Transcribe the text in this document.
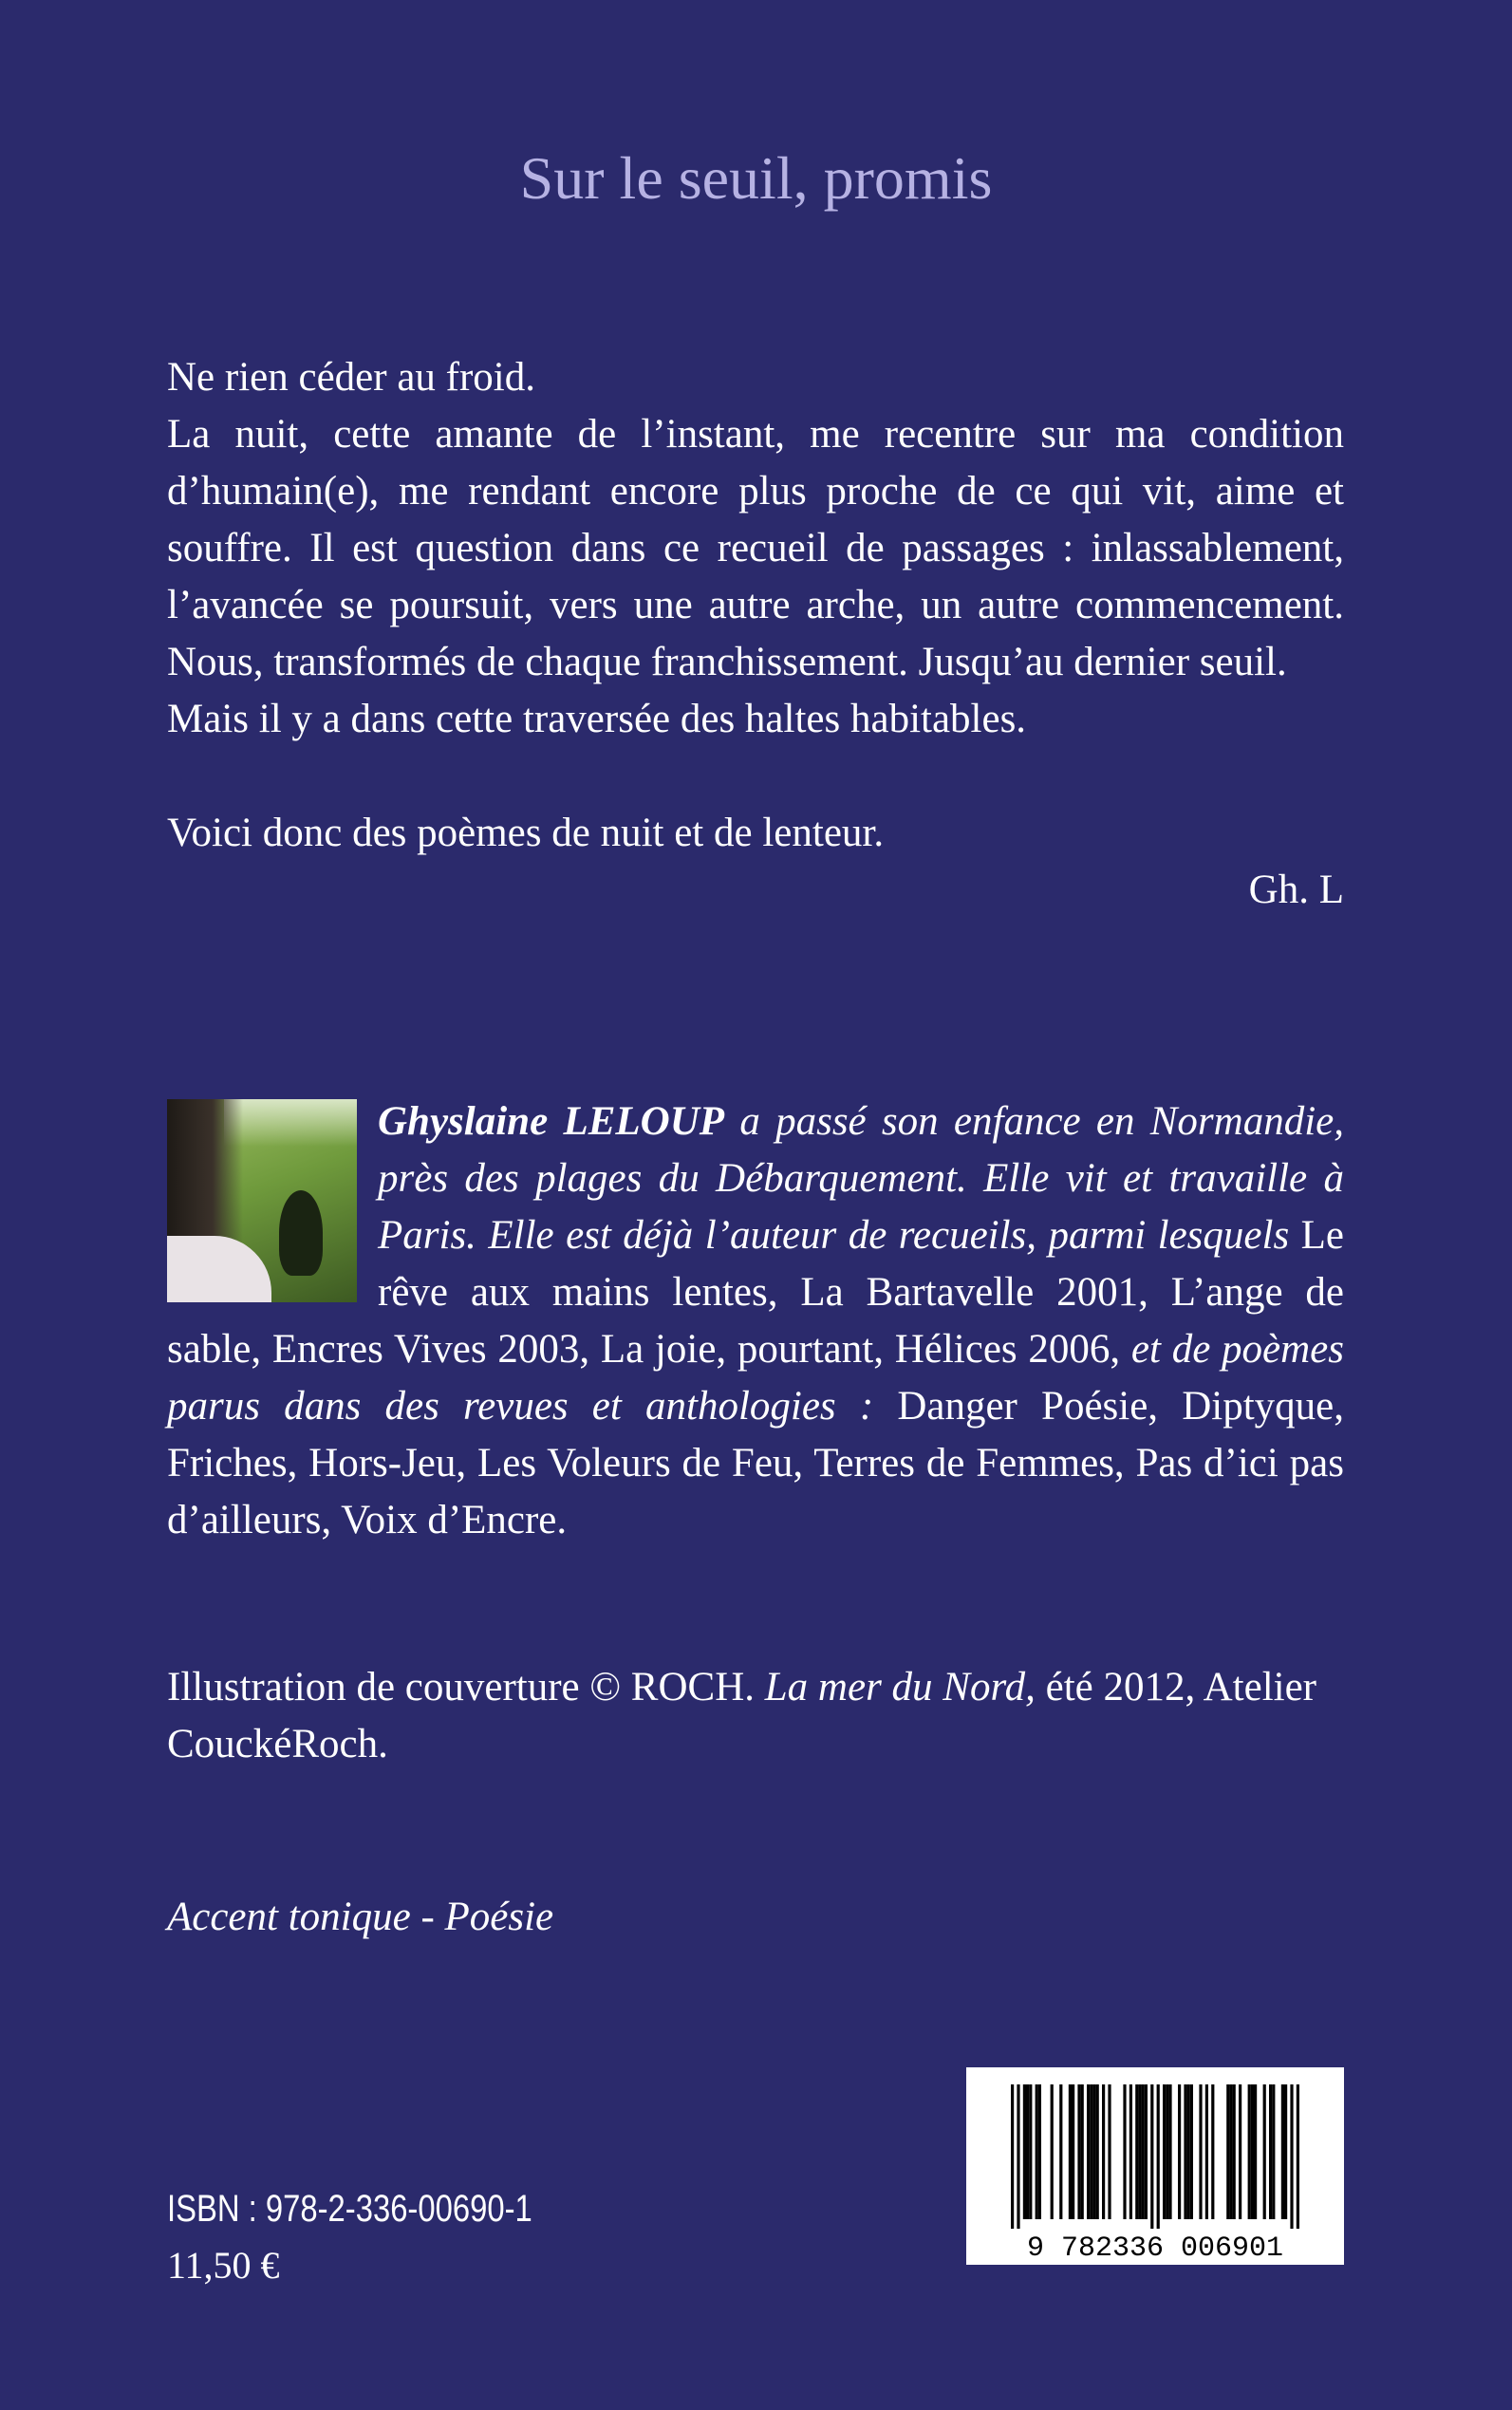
Sur le seuil, promis

Ne rien céder au froid.

La nuit, cette amante de l’instant, me recentre sur ma condition d’humain(e), me rendant encore plus proche de ce qui vit, aime et souffre. Il est question dans ce recueil de passages : inlassablement, l’avancée se poursuit, vers une autre arche, un autre commencement. Nous, transformés de chaque franchissement. Jusqu’au dernier seuil.

Mais il y a dans cette traversée des haltes habitables.

Voici donc des poèmes de nuit et de lenteur.

Gh. L

Ghyslaine LELOUP a passé son enfance en Normandie, près des plages du Débarquement. Elle vit et travaille à Paris. Elle est déjà l’auteur de recueils, parmi lesquels Le rêve aux mains lentes, La Bartavelle 2001, L’ange de sable, Encres Vives 2003, La joie, pourtant, Hélices 2006, et de poèmes parus dans des revues et anthologies : Danger Poésie, Diptyque, Friches, Hors-Jeu, Les Voleurs de Feu, Terres de Femmes, Pas d’ici pas d’ailleurs, Voix d’Encre.
Illustration de couverture © ROCH. La mer du Nord, été 2012, Atelier CouckéRoch.
Accent tonique - Poésie
ISBN : 978-2-336-00690-1
11,50 €	9 782336 006901
